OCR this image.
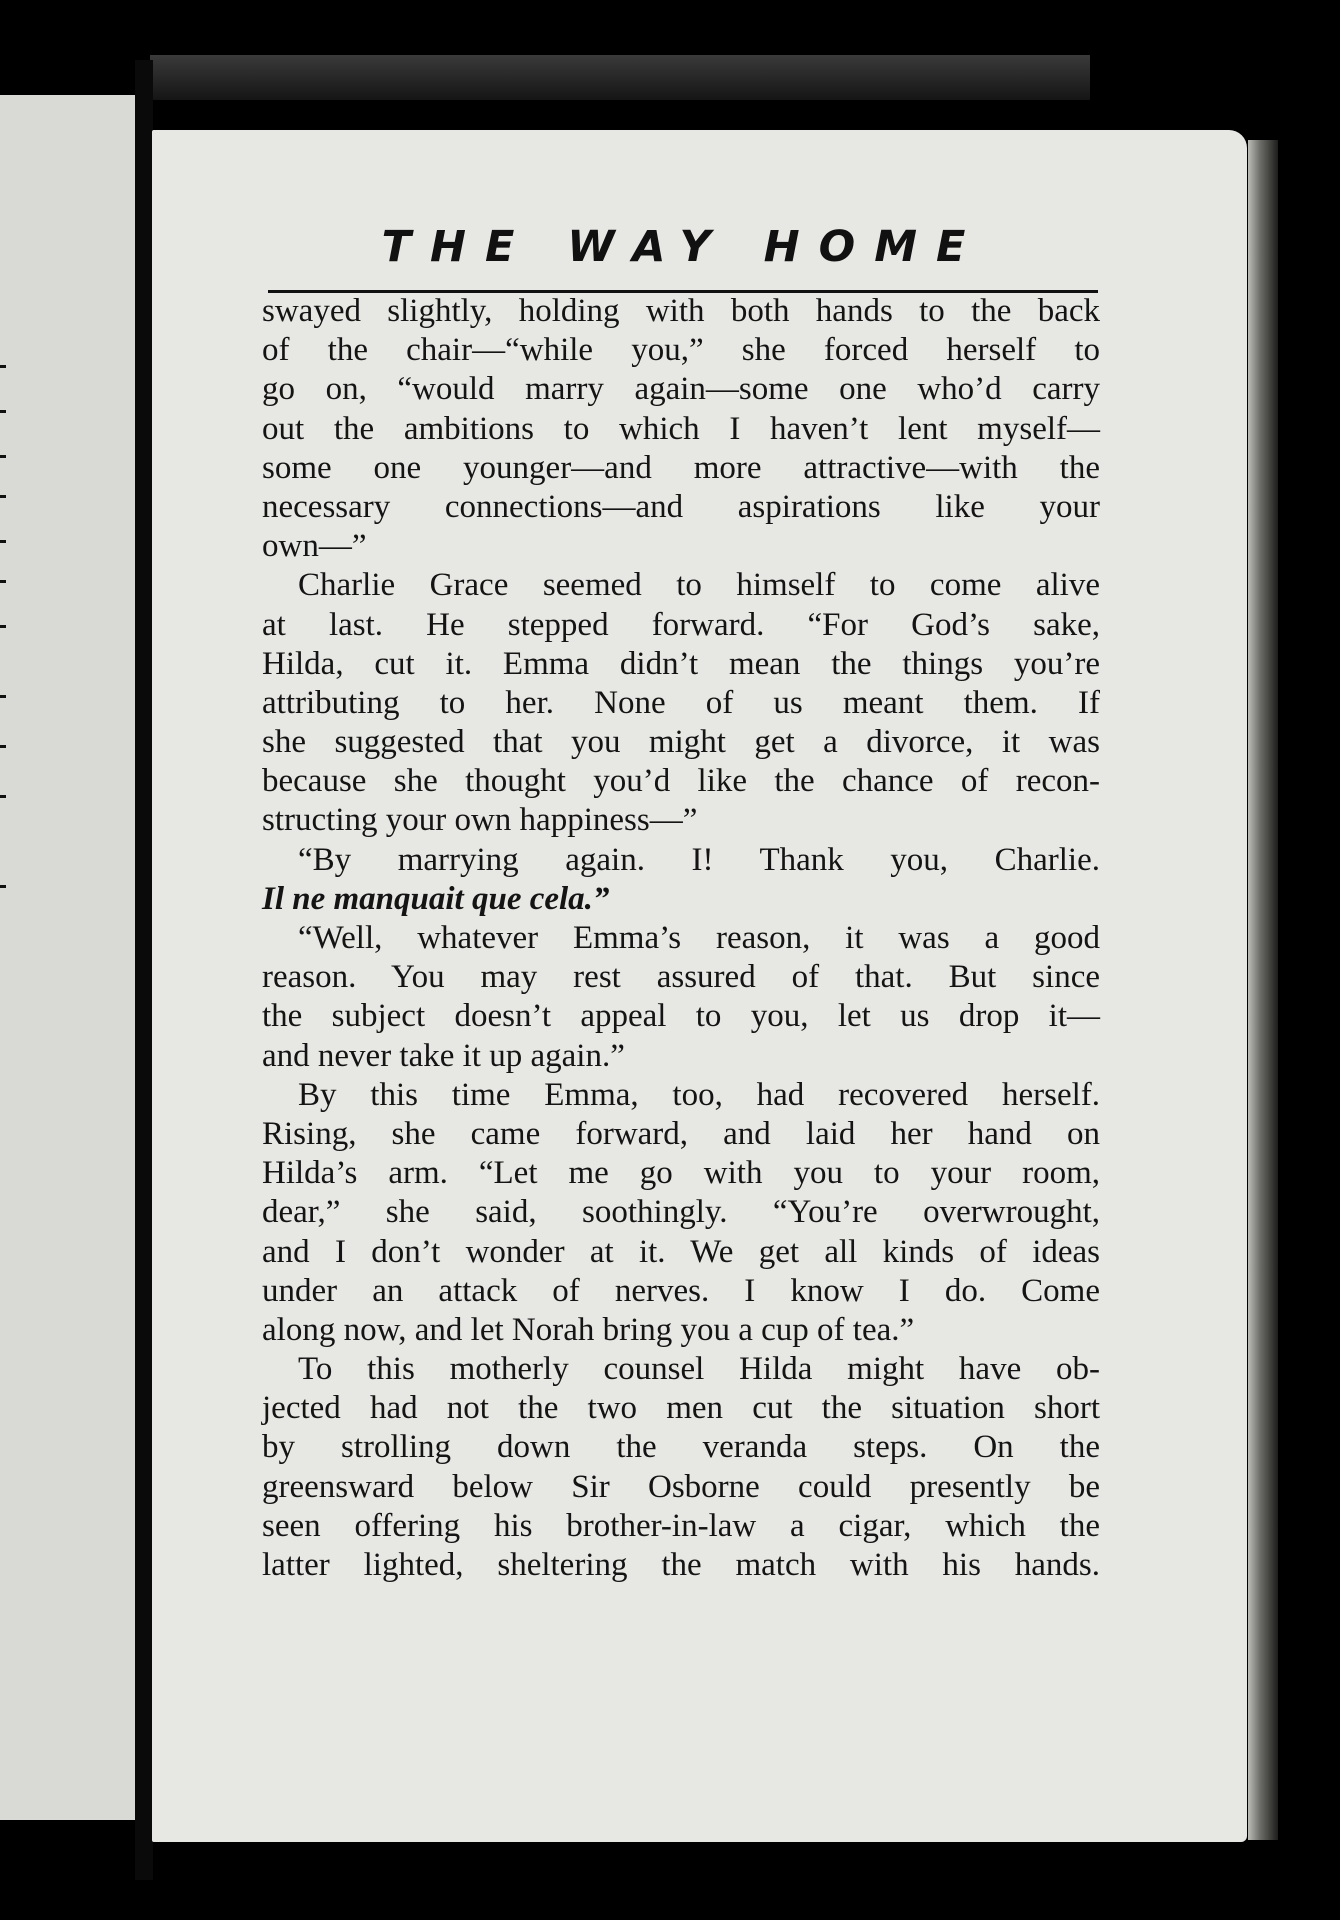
THE WAY HOME
swayed slightly, holding with both hands to the back
of the chair—“while you,” she forced herself to
go on, “would marry again—some one who’d carry
out the ambitions to which I haven’t lent myself—
some one younger—and more attractive—with the
necessary connections—and aspirations like your
own—”
Charlie Grace seemed to himself to come alive
at last. He stepped forward. “For God’s sake,
Hilda, cut it. Emma didn’t mean the things you’re
attributing to her. None of us meant them. If
she suggested that you might get a divorce, it was
because she thought you’d like the chance of recon-
structing your own happiness—”
“By marrying again. I! Thank you, Charlie.
Il ne manquait que cela.”
“Well, whatever Emma’s reason, it was a good
reason. You may rest assured of that. But since
the subject doesn’t appeal to you, let us drop it—
and never take it up again.”
By this time Emma, too, had recovered herself.
Rising, she came forward, and laid her hand on
Hilda’s arm. “Let me go with you to your room,
dear,” she said, soothingly. “You’re overwrought,
and I don’t wonder at it. We get all kinds of ideas
under an attack of nerves. I know I do. Come
along now, and let Norah bring you a cup of tea.”
To this motherly counsel Hilda might have ob-
jected had not the two men cut the situation short
by strolling down the veranda steps. On the
greensward below Sir Osborne could presently be
seen offering his brother-in-law a cigar, which the
latter lighted, sheltering the match with his hands.
